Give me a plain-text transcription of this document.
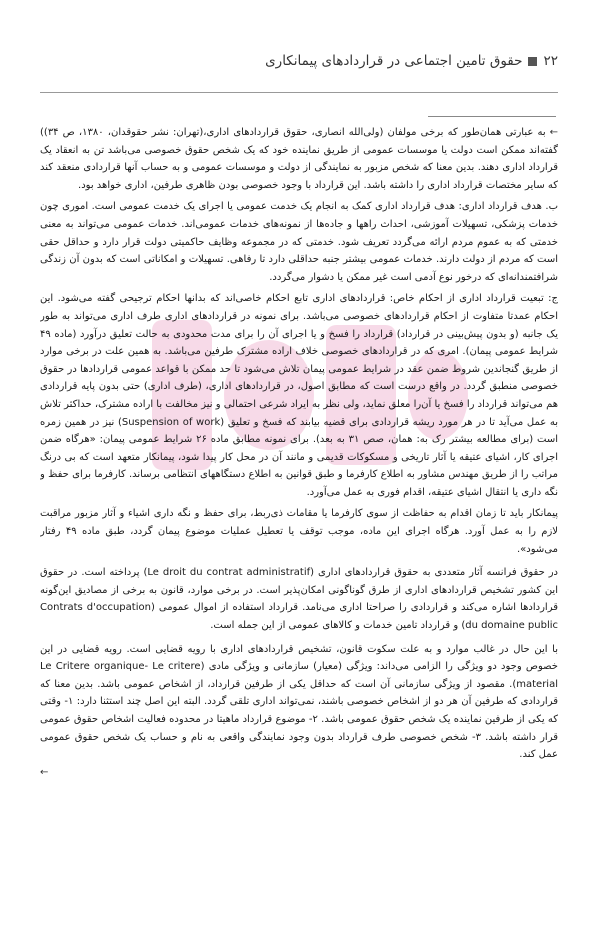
۲۲
حقوق تامین اجتماعی در قراردادهای پیمانکاری

←به عبارتی همان‌طور که برخی مولفان (ولی‌الله انصاری، حقوق قراردادهای اداری،(تهران: نشر حقوقدان، ۱۳۸۰، ص ۳۴)) گفته‌اند ممکن است دولت یا موسسات عمومی از طریق نماینده خود که یک شخص حقوق خصوصی می‌باشد تن به انعقاد یک قرارداد اداری دهند. بدین معنا که شخص مزبور به نمایندگی از دولت و موسسات عمومی و به حساب آنها قراردادی منعقد کند که سایر مختصات قرارداد اداری را داشته باشد. این قرارداد با وجود خصوصی بودن ظاهری طرفین، اداری خواهد بود.

ب. هدف قرارداد اداری: هدف قرارداد اداری کمک به انجام یک خدمت عمومی یا اجرای یک خدمت عمومی است. اموری چون خدمات پزشکی، تسهیلات آموزشی، احداث راهها و جاده‌ها از نمونه‌های خدمات عمومی‌اند. خدمات عمومی می‌تواند به معنی خدمتی که به عموم مردم ارائه می‌گردد تعریف شود. خدمتی که در مجموعه وظایف حاکمیتی دولت قرار دارد و حداقل حقی است که مردم از دولت دارند. خدمات عمومی بیشتر جنبه حداقلی دارد تا رفاهی. تسهیلات و امکاناتی است که بدون آن زندگی شرافتمندانه‌ای که درخور نوع آدمی است غیر ممکن یا دشوار می‌گردد.

ج: تبعیت قرارداد اداری از احکام خاص: قراردادهای اداری تابع احکام خاصی‌اند که بدانها احکام ترجیحی گفته می‌شود. این احکام عمدتا متفاوت از احکام قراردادهای خصوصی می‌باشد. برای نمونه در قراردادهای اداری طرف اداری می‌تواند به طور یک جانبه (و بدون پیش‌بینی در قرارداد) قرارداد را فسخ و یا اجرای آن را برای مدت محدودی به حالت تعلیق درآورد (ماده ۴۹ شرایط عمومی پیمان). امری که در قراردادهای خصوصی خلاف اراده مشترک طرفین می‌باشد. به همین علت در برخی موارد از طریق گنجاندین شروط ضمن عقد در شرایط عمومی پیمان تلاش می‌شود تا حد ممکن با قواعد عمومی قراردادها در حقوق خصوصی منطبق گردد. در واقع درست است که مطابق اصول، در قراردادهای اداری، (طرف اداری) حتی بدون پایه قراردادی هم می‌تواند قرارداد را فسخ یا آن‌را معلق نماید، ولی نظر به ایراد شرعی احتمالی و نیز مخالفت با اراده مشترک، حداکثر تلاش به عمل می‌آید تا در هر مورد ریشه قراردادی برای قضیه بیابند که فسخ و تعلیق (Suspension of work) نیز در همین زمره است (برای مطالعه بیشتر رک به: همان، صص ۳۱ به بعد). برای نمونه مطابق ماده ۲۶ شرایط عمومی پیمان: «هرگاه ضمن اجرای کار، اشیای عتیقه یا آثار تاریخی و مسکوکات قدیمی و مانند آن در محل کار پیدا شود، پیمانکار متعهد است که بی درنگ مراتب را از طریق مهندس مشاور به اطلاع کارفرما و طبق قوانین به اطلاع دستگاههای انتظامی برساند. کارفرما برای حفظ و نگه داری یا انتقال اشیای عتیقه، اقدام فوری به عمل می‌آورد.

پیمانکار باید تا زمان اقدام به حفاظت از سوی کارفرما یا مقامات ذی‌ربط، برای حفظ و نگه داری اشیاء و آثار مزبور مراقبت لازم را به عمل آورد. هرگاه اجرای این ماده، موجب توقف یا تعطیل عملیات موضوع پیمان گردد، طبق ماده ۴۹ رفتار می‌شود».

در حقوق فرانسه آثار متعددی به حقوق قراردادهای اداری (Le droit du contrat administratif) پرداخته است. در حقوق این کشور تشخیص قراردادهای اداری از طرق گوناگونی امکان‌پذیر است. در برخی موارد، قانون به برخی از مصادیق این‌گونه قراردادها اشاره می‌کند و قراردادی را صراحتا اداری می‌نامد. قرارداد استفاده از اموال عمومی (Contrats d'occupation du domaine public) و قرارداد تامین خدمات و کالاهای عمومی از این جمله است.

با این حال در غالب موارد و به علت سکوت قانون، تشخیص قراردادهای اداری با رویه قضایی است. رویه قضایی در این خصوص وجود دو ویژگی را الزامی می‌داند: ویژگی (معیار) سازمانی و ویژگی مادی (Le Critere organique- Le critere material). مقصود از ویژگی سازمانی آن است که حداقل یکی از طرفین قرارداد، از اشخاص عمومی باشد. بدین معنا که قراردادی که طرفین آن هر دو از اشخاص خصوصی باشند، نمی‌تواند اداری تلقی گردد. البته این اصل چند استثنا دارد: ۱- وقتی که یکی از طرفین نماینده یک شخص حقوق عمومی باشد. ۲- موضوع قرارداد ماهیتا در محدوده فعالیت اشخاص حقوق عمومی قرار داشته باشد. ۳- شخص خصوصی طرف قرارداد بدون وجود نمایندگی واقعی به نام و حساب یک شخص حقوق عمومی عمل کند.

←
